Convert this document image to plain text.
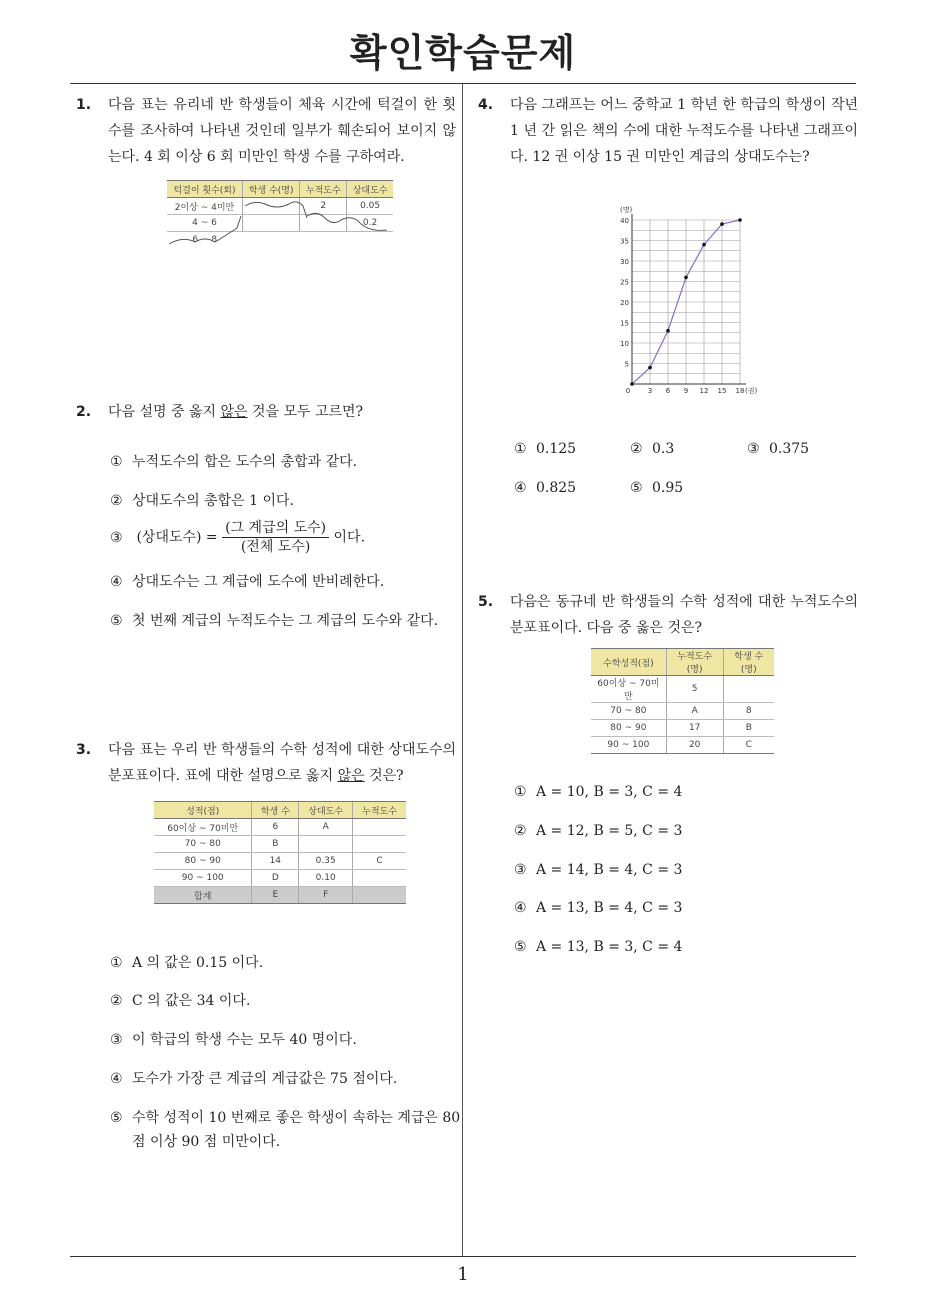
확인학습문제
1
1. 다음 표는 유리네 반 학생들이 체육 시간에 턱걸이 한 횟수를 조사하여 나타낸 것인데 일부가 훼손되어 보이지 않는다. 4 회 이상 6 회 미만인 학생 수를 구하여라.
턱걸이 횟수(회)	학생 수(명)	누적도수	상대도수
2이상 ~ 4미만		2	0.05
4 ~ 6			0.2
6 ~ 8			
2. 다음 설명 중 옳지 않은 것을 모두 고르면?
① 누적도수의 합은 도수의 총합과 같다.
② 상대도수의 총합은 1 이다.
③ (상대도수) = $\frac{\text{(그 계급의 도수)}}{\text{(전체 도수)}}$ 이다.
④ 상대도수는 그 계급에 도수에 반비례한다.
⑤ 첫 번째 계급의 누적도수는 그 계급의 도수와 같다.
3. 다음 표는 우리 반 학생들의 수학 성적에 대한 상대도수의 분포표이다. 표에 대한 설명으로 옳지 않은 것은?
성적(점)	학생 수	상대도수	누적도수
60이상 ~ 70미만	6	A	
70 ~ 80	B		
80 ~ 90	14	0.35	C
90 ~ 100	D	0.10	
합계	E	F	
① A 의 값은 0.15 이다.
② C 의 값은 34 이다.
③ 이 학급의 학생 수는 모두 40 명이다.
④ 도수가 가장 큰 계급의 계급값은 75 점이다.
⑤ 수학 성적이 10 번째로 좋은 학생이 속하는 계급은 80 점 이상 90 점 미만이다.
4. 다음 그래프는 어느 중학교 1 학년 한 학급의 학생이 작년 1 년 간 읽은 책의 수에 대한 누적도수를 나타낸 그래프이다. 12 권 이상 15 권 미만인 계급의 상대도수는?
0	3 6 9 12 15 18
5
10
15
20
25
30
35
40
(권)
(명)
① 0.125	② 0.3	③ 0.375
④ 0.825	⑤ 0.95
5. 다음은 동규네 반 학생들의 수학 성적에 대한 누적도수의 분포표이다. 다음 중 옳은 것은?
수학성적(점)	누적도수(명)	학생 수(명)
60이상 ~ 70미만	5	
70 ~ 80	A	8
80 ~ 90	17	B
90 ~ 100	20	C
① A = 10, B = 3, C = 4
② A = 12, B = 5, C = 3
③ A = 14, B = 4, C = 3
④ A = 13, B = 4, C = 3
⑤ A = 13, B = 3, C = 4
